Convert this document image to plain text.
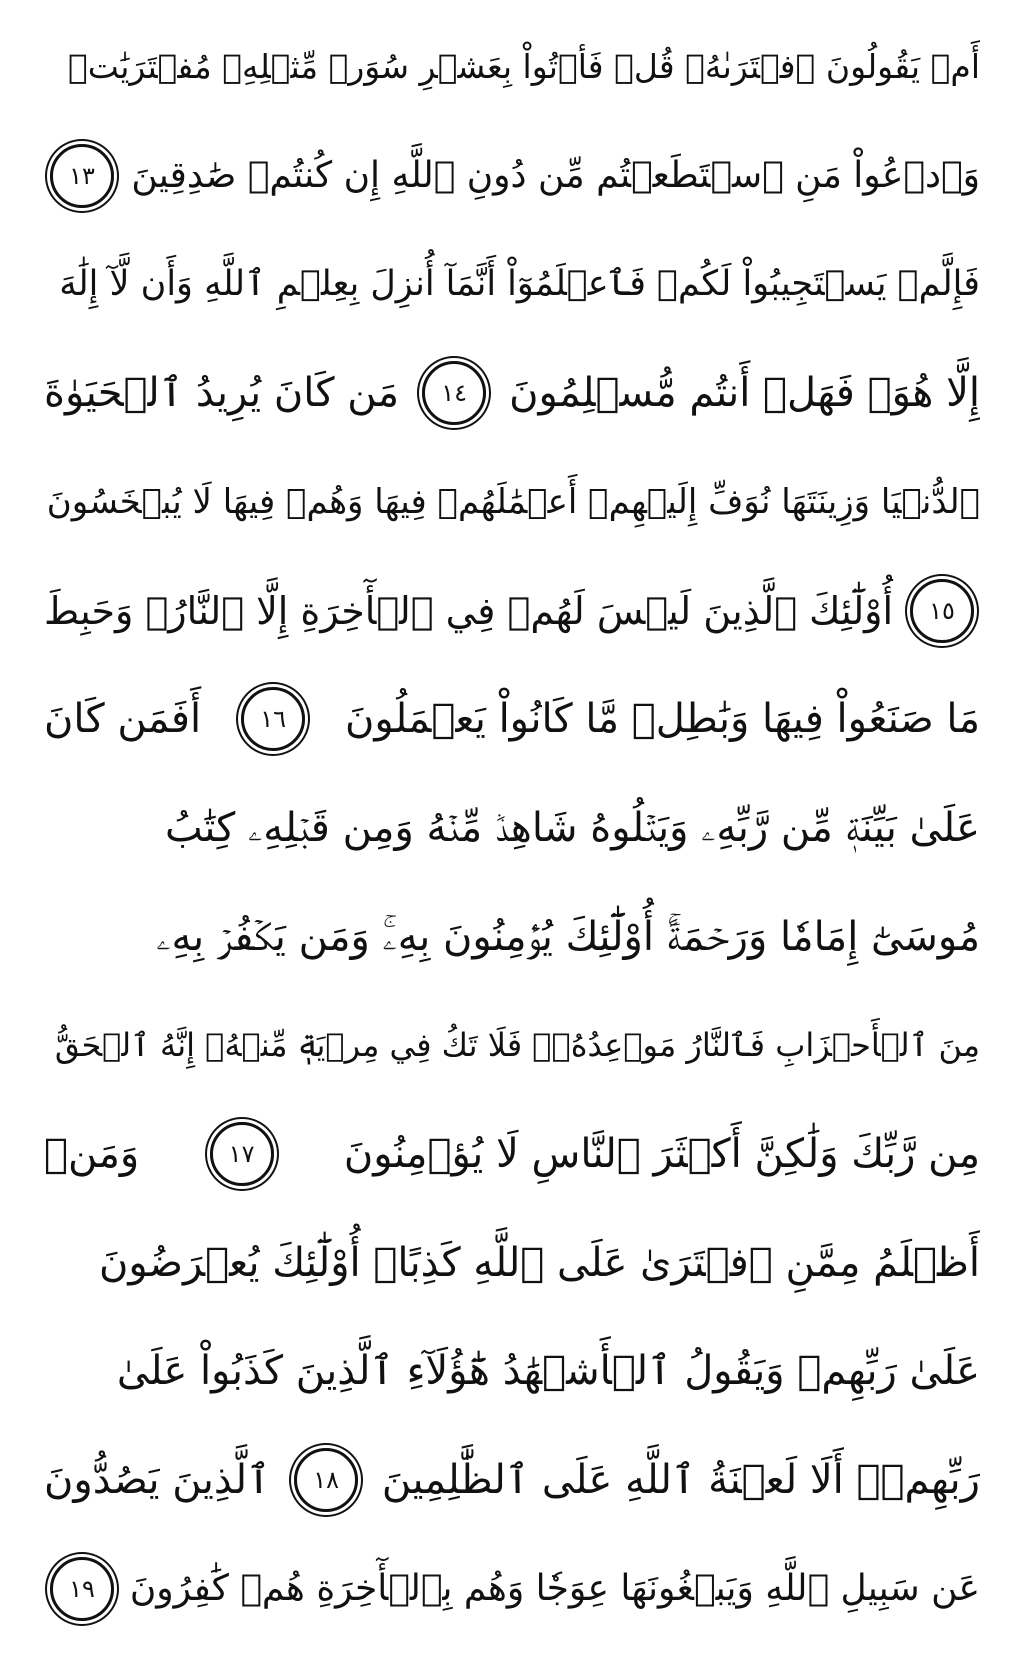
أَمۡ يَقُولُونَ ٱفۡتَرَىٰهُۖ قُلۡ فَأۡتُواْ بِعَشۡرِ سُوَرٖ مِّثۡلِهِۦ مُفۡتَرَيَٰتٖ
وَٱدۡعُواْ مَنِ ٱسۡتَطَعۡتُم مِّن دُونِ ٱللَّهِ إِن كُنتُمۡ صَٰدِقِينَ
١٣
فَإِلَّمۡ يَسۡتَجِيبُواْ لَكُمۡ فَٱعۡلَمُوٓاْ أَنَّمَآ أُنزِلَ بِعِلۡمِ ٱللَّهِ وَأَن لَّآ إِلَٰهَ
إِلَّا هُوَۖ فَهَلۡ أَنتُم مُّسۡلِمُونَ
١٤
مَن كَانَ يُرِيدُ ٱلۡحَيَوٰةَ
ٱلدُّنۡيَا وَزِينَتَهَا نُوَفِّ إِلَيۡهِمۡ أَعۡمَٰلَهُمۡ فِيهَا وَهُمۡ فِيهَا لَا يُبۡخَسُونَ
١٥
أُوْلَٰٓئِكَ ٱلَّذِينَ لَيۡسَ لَهُمۡ فِي ٱلۡأٓخِرَةِ إِلَّا ٱلنَّارُۖ وَحَبِطَ
مَا صَنَعُواْ فِيهَا وَبَٰطِلٞ مَّا كَانُواْ يَعۡمَلُونَ
١٦
أَفَمَن كَانَ
عَلَىٰ بَيِّنَةٖ مِّن رَّبِّهِۦ وَيَتۡلُوهُ شَاهِدٞ مِّنۡهُ وَمِن قَبۡلِهِۦ كِتَٰبُ
مُوسَىٰٓ إِمَامٗا وَرَحۡمَةًۚ أُوْلَٰٓئِكَ يُؤۡمِنُونَ بِهِۦۚ وَمَن يَكۡفُرۡ بِهِۦ
مِنَ ٱلۡأَحۡزَابِ فَٱلنَّارُ مَوۡعِدُهُۥۚ فَلَا تَكُ فِي مِرۡيَةٖ مِّنۡهُۚ إِنَّهُ ٱلۡحَقُّ
مِن رَّبِّكَ وَلَٰكِنَّ أَكۡثَرَ ٱلنَّاسِ لَا يُؤۡمِنُونَ
١٧
وَمَنۡ
أَظۡلَمُ مِمَّنِ ٱفۡتَرَىٰ عَلَى ٱللَّهِ كَذِبًاۚ أُوْلَٰٓئِكَ يُعۡرَضُونَ
عَلَىٰ رَبِّهِمۡ وَيَقُولُ ٱلۡأَشۡهَٰدُ هَٰٓؤُلَآءِ ٱلَّذِينَ كَذَبُواْ عَلَىٰ
رَبِّهِمۡۚ أَلَا لَعۡنَةُ ٱللَّهِ عَلَى ٱلظَّٰلِمِينَ
١٨
ٱلَّذِينَ يَصُدُّونَ
عَن سَبِيلِ ٱللَّهِ وَيَبۡغُونَهَا عِوَجٗا وَهُم بِٱلۡأٓخِرَةِ هُمۡ كَٰفِرُونَ
١٩
